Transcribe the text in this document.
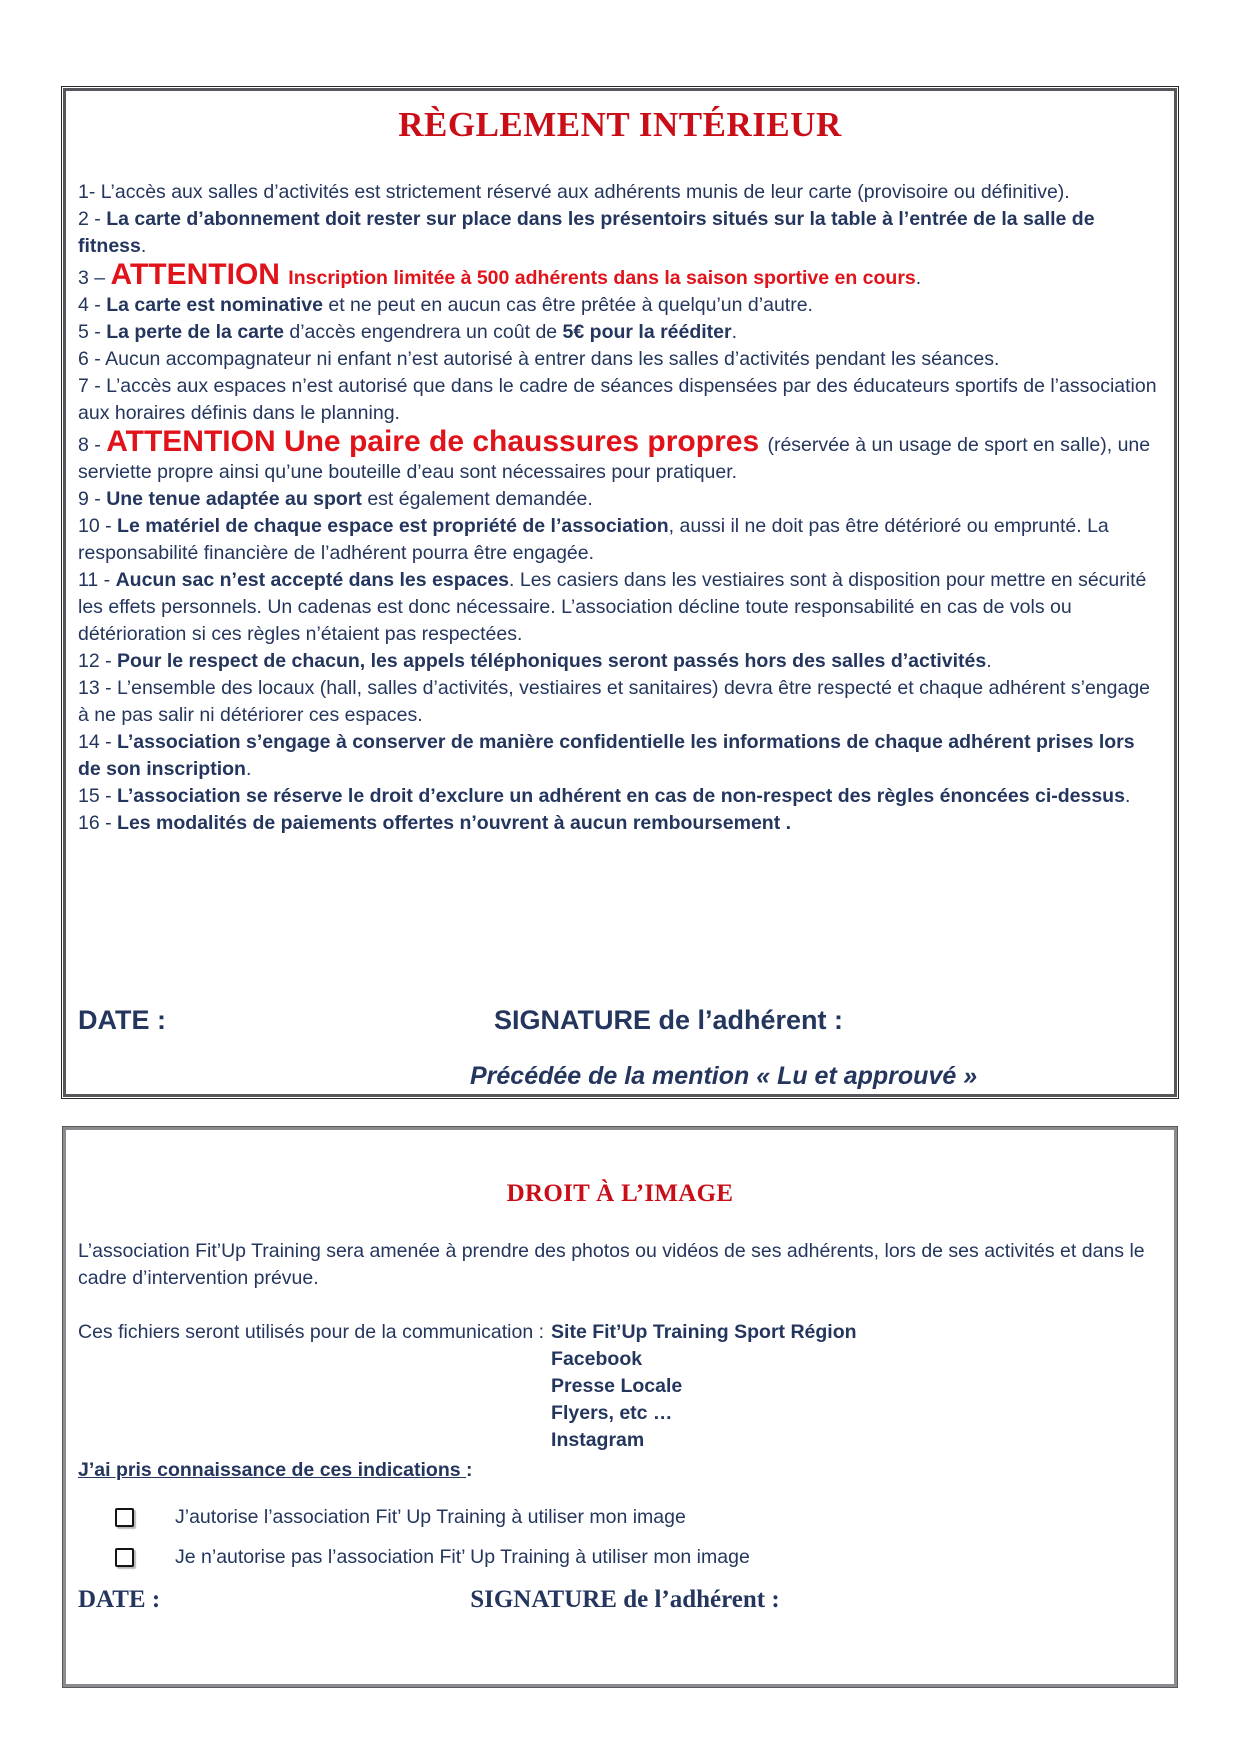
RÈGLEMENT INTÉRIEUR

1- L’accès aux salles d’activités est strictement réservé aux adhérents munis de leur carte (provisoire ou définitive).

2 - La carte d’abonnement doit rester sur place dans les présentoirs situés sur la table à l’entrée de la salle de fitness.

3 – ATTENTION Inscription limitée à 500 adhérents dans la saison sportive en cours.

4 - La carte est nominative et ne peut en aucun cas être prêtée à quelqu’un d’autre.

5 - La perte de la carte d’accès engendrera un coût de 5€ pour la rééditer.

6 - Aucun accompagnateur ni enfant n’est autorisé à entrer dans les salles d’activités pendant les séances.

7 - L’accès aux espaces n’est autorisé que dans le cadre de séances dispensées par des éducateurs sportifs de l’association aux horaires définis dans le planning.

8 - ATTENTION Une paire de chaussures propres (réservée à un usage de sport en salle), une serviette propre ainsi qu’une bouteille d’eau sont nécessaires pour pratiquer.

9 - Une tenue adaptée au sport est également demandée.

10 - Le matériel de chaque espace est propriété de l’association, aussi il ne doit pas être détérioré ou emprunté. La responsabilité financière de l’adhérent pourra être engagée.

11 - Aucun sac n’est accepté dans les espaces. Les casiers dans les vestiaires sont à disposition pour mettre en sécurité les effets personnels. Un cadenas est donc nécessaire. L’association décline toute responsabilité en cas de vols ou détérioration si ces règles n’étaient pas respectées.

12 - Pour le respect de chacun, les appels téléphoniques seront passés hors des salles d’activités.

13 - L’ensemble des locaux (hall, salles d’activités, vestiaires et sanitaires) devra être respecté et chaque adhérent s’engage à ne pas salir ni détériorer ces espaces.

14 - L’association s’engage à conserver de manière confidentielle les informations de chaque adhérent prises lors de son inscription.

15 - L’association se réserve le droit d’exclure un adhérent en cas de non-respect des règles énoncées ci-dessus.

16 - Les modalités de paiements offertes n’ouvrent à aucun remboursement .

DATE :	SIGNATURE de l’adhérent :
Précédée de la mention « Lu et approuvé »
DROIT À L’IMAGE
L’association Fit’Up Training sera amenée à prendre des photos ou vidéos de ses adhérents, lors de ses activités et dans le cadre d’intervention prévue.
Ces fichiers seront utilisés pour de la communication : Site Fit’Up Training Sport Région
Facebook
Presse Locale
Flyers, etc …
Instagram
J’ai pris connaissance de ces indications :
J’autorise l’association Fit’ Up Training à utiliser mon image
Je n’autorise pas l’association Fit’ Up Training à utiliser mon image
DATE :	SIGNATURE de l’adhérent :
